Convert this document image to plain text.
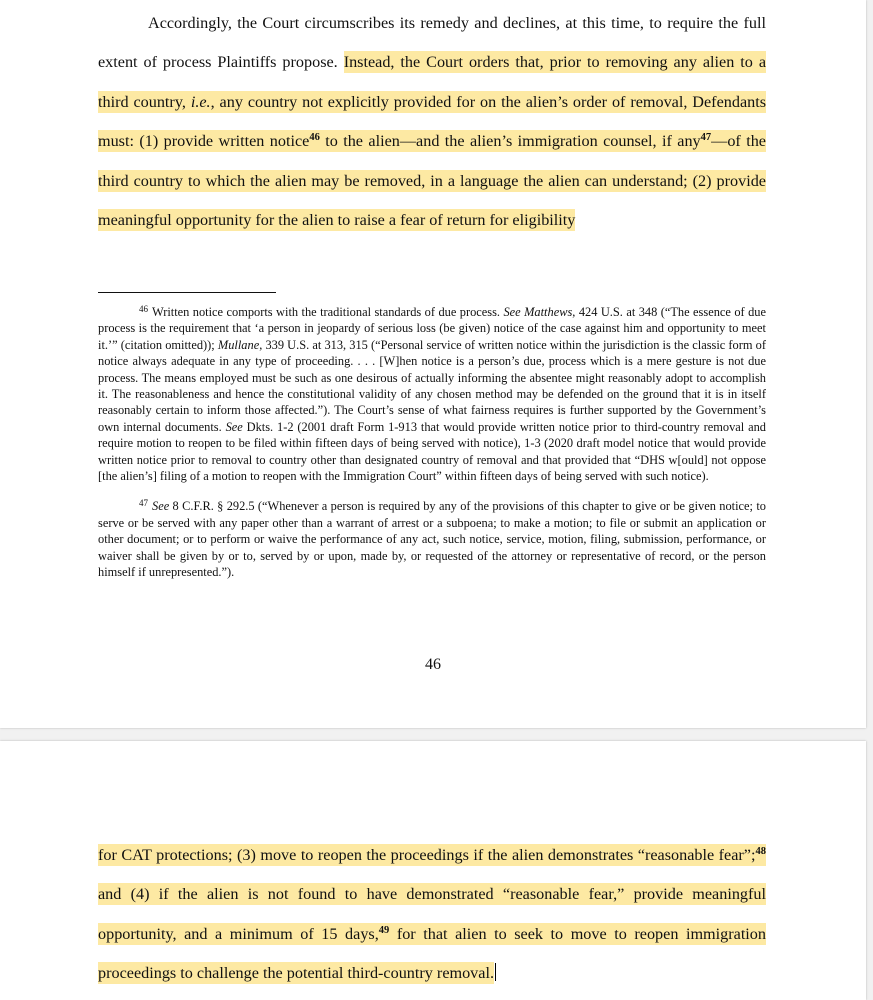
Accordingly, the Court circumscribes its remedy and declines, at this time, to require the full extent of process Plaintiffs propose. Instead, the Court orders that, prior to removing any alien to a third country, i.e., any country not explicitly provided for on the alien’s order of removal, Defendants must: (1) provide written notice$^{46}$ to the alien—and the alien’s immigration counsel, if any$^{47}$—of the third country to which the alien may be removed, in a language the alien can understand; (2) provide meaningful opportunity for the alien to raise a fear of return for eligibility

$^{46}$ Written notice comports with the traditional standards of due process. See Matthews, 424 U.S. at 348 (“The essence of due process is the requirement that ‘a person in jeopardy of serious loss (be given) notice of the case against him and opportunity to meet it.’” (citation omitted)); Mullane, 339 U.S. at 313, 315 (“Personal service of written notice within the jurisdiction is the classic form of notice always adequate in any type of proceeding. . . . [W]hen notice is a person’s due, process which is a mere gesture is not due process. The means employed must be such as one desirous of actually informing the absentee might reasonably adopt to accomplish it. The reasonableness and hence the constitutional validity of any chosen method may be defended on the ground that it is in itself reasonably certain to inform those affected.”). The Court’s sense of what fairness requires is further supported by the Government’s own internal documents. See Dkts. 1-2 (2001 draft Form 1-913 that would provide written notice prior to third-country removal and require motion to reopen to be filed within fifteen days of being served with notice), 1-3 (2020 draft model notice that would provide written notice prior to removal to country other than designated country of removal and that provided that “DHS w[ould] not oppose [the alien’s] filing of a motion to reopen with the Immigration Court” within fifteen days of being served with such notice).

$^{47}$ See 8 C.F.R. § 292.5 (“Whenever a person is required by any of the provisions of this chapter to give or be given notice; to serve or be served with any paper other than a warrant of arrest or a subpoena; to make a motion; to file or submit an application or other document; or to perform or waive the performance of any act, such notice, service, motion, filing, submission, performance, or waiver shall be given by or to, served by or upon, made by, or requested of the attorney or representative of record, or the person himself if unrepresented.”).

46

for CAT protections; (3) move to reopen the proceedings if the alien demonstrates “reasonable fear”;$^{48}$ and (4) if the alien is not found to have demonstrated “reasonable fear,” provide meaningful opportunity, and a minimum of 15 days,$^{49}$ for that alien to seek to move to reopen immigration proceedings to challenge the potential third-country removal.
